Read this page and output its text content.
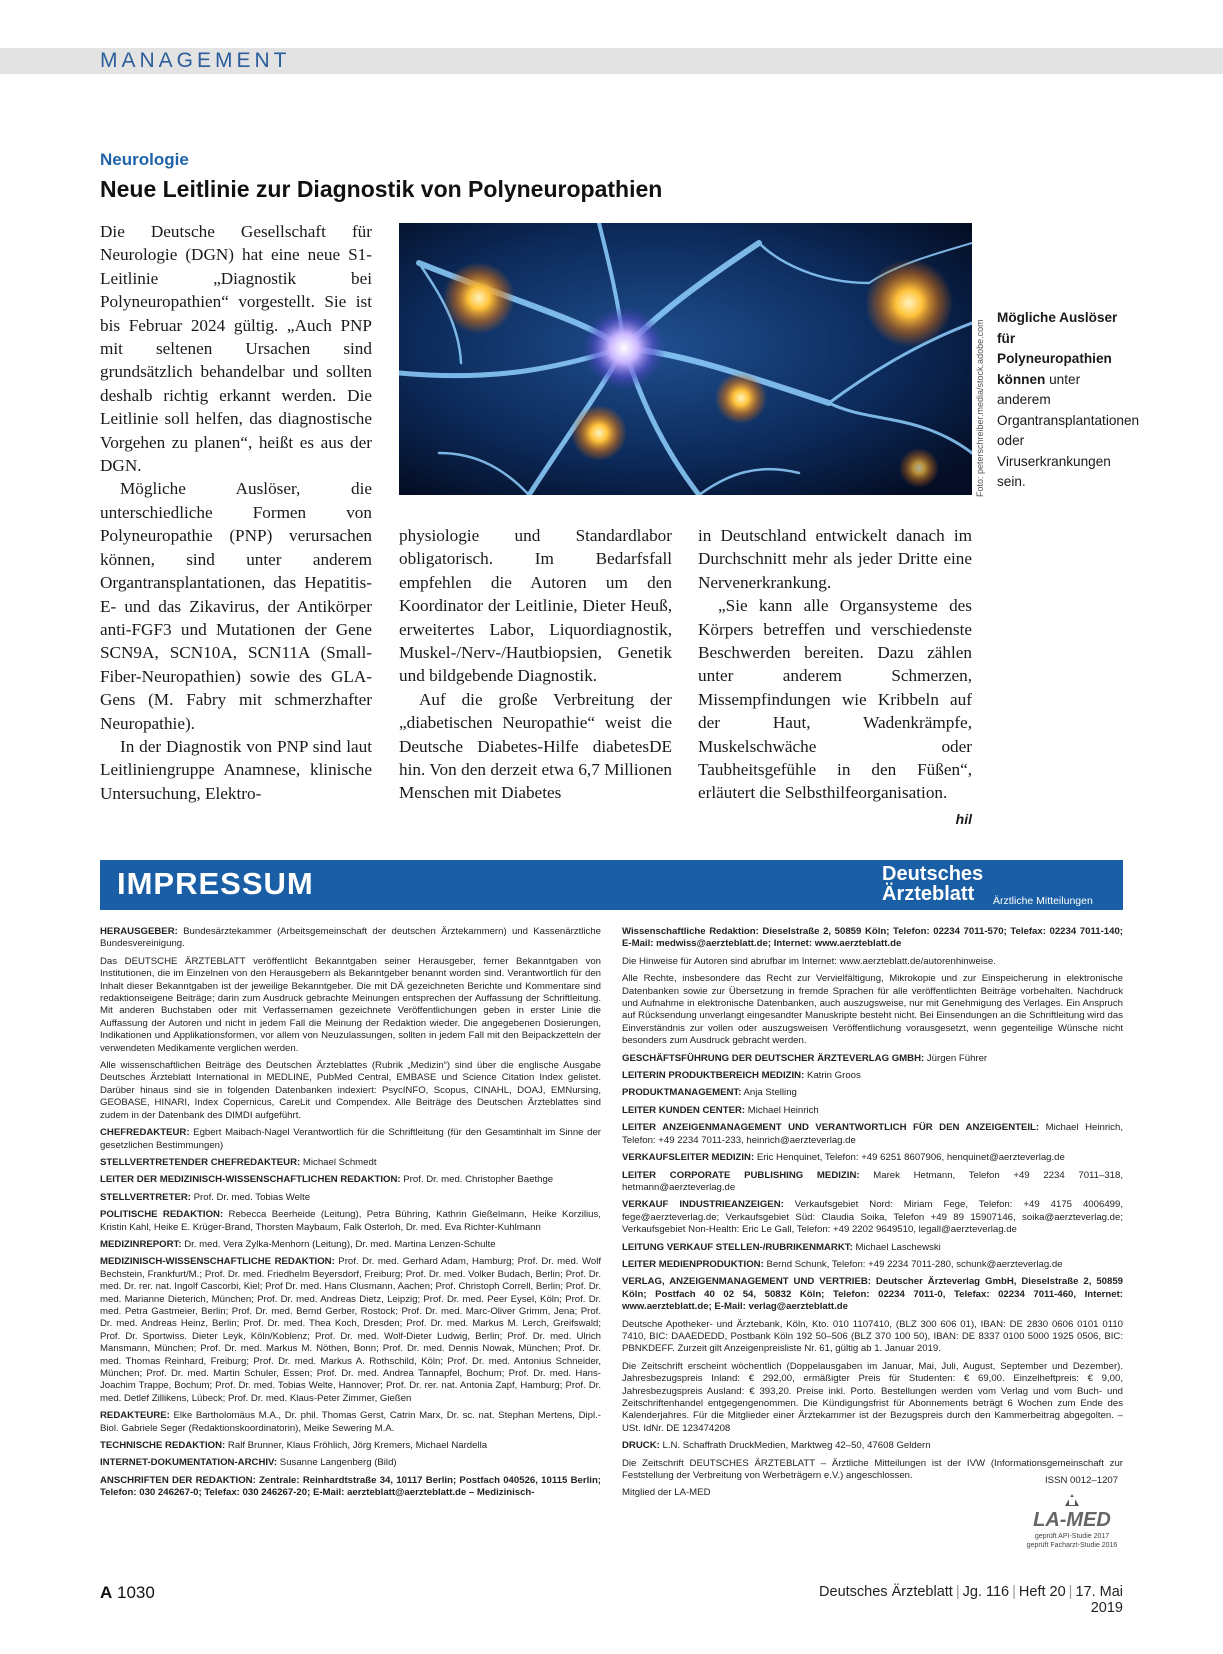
MANAGEMENT
Neurologie
Neue Leitlinie zur Diagnostik von Polyneuropathien

Die Deutsche Gesellschaft für Neurologie (DGN) hat eine neue S1-Leitlinie „Diagnostik bei Polyneuropathien“ vorgestellt. Sie ist bis Februar 2024 gültig. „Auch PNP mit seltenen Ursachen sind grundsätzlich behandelbar und sollten deshalb richtig erkannt werden. Die Leitlinie soll helfen, das diagnostische Vorgehen zu planen“, heißt es aus der DGN.

Mögliche Auslöser, die unterschiedliche Formen von Polyneuropathie (PNP) verursachen können, sind unter anderem Organtransplantationen, das Hepatitis-E- und das Zikavirus, der Antikörper anti-FGF3 und Mutationen der Gene SCN9A, SCN10A, SCN11A (Small-Fiber-Neuropathien) sowie des GLA-Gens (M. Fabry mit schmerzhafter Neuropathie).

In der Diagnostik von PNP sind laut Leitliniengruppe Anamnese, klinische Untersuchung, Elektro-

Foto: peterschreiber.media/stock.adobe.com
Mögliche Auslöser für Polyneuropathien können unter anderem Organtransplantationen oder Viruserkrankungen sein.

physiologie und Standardlabor obligatorisch. Im Bedarfsfall empfehlen die Autoren um den Koordinator der Leitlinie, Dieter Heuß, erweitertes Labor, Liquordiagnostik, Muskel-/Nerv-/Hautbiopsien, Genetik und bildgebende Diagnostik.

Auf die große Verbreitung der „diabetischen Neuropathie“ weist die Deutsche Diabetes-Hilfe diabetesDE hin. Von den derzeit etwa 6,7 Millionen Menschen mit Diabetes

in Deutschland entwickelt danach im Durchschnitt mehr als jeder Dritte eine Nervenerkrankung.

„Sie kann alle Organsysteme des Körpers betreffen und verschiedenste Beschwerden bereiten. Dazu zählen unter anderem Schmerzen, Missempfindungen wie Kribbeln auf der Haut, Wadenkrämpfe, Muskelschwäche oder Taubheitsgefühle in den Füßen“, erläutert die Selbsthilfeorganisation.
hil

IMPRESSUM	Deutsches
Ärzteblatt Ärztliche Mitteilungen

HERAUSGEBER: Bundesärztekammer (Arbeitsgemeinschaft der deutschen Ärztekammern) und Kassenärztliche Bundesvereinigung.

Das DEUTSCHE ÄRZTEBLATT veröffentlicht Bekanntgaben seiner Herausgeber, ferner Bekanntgaben von Institutionen, die im Einzelnen von den Herausgebern als Bekanntgeber benannt worden sind. Verantwortlich für den Inhalt dieser Bekanntgaben ist der jeweilige Bekanntgeber. Die mit DÄ gezeichneten Berichte und Kommentare sind redaktionseigene Beiträge; darin zum Ausdruck gebrachte Meinungen entsprechen der Auffassung der Schriftleitung. Mit anderen Buchstaben oder mit Verfassernamen gezeichnete Veröffentlichungen geben in erster Linie die Auffassung der Autoren und nicht in jedem Fall die Meinung der Redaktion wieder. Die angegebenen Dosierungen, Indikationen und Applikationsformen, vor allem von Neuzulassungen, sollten in jedem Fall mit den Beipackzetteln der verwendeten Medikamente verglichen werden.

Alle wissenschaftlichen Beiträge des Deutschen Ärzteblattes (Rubrik „Medizin“) sind über die englische Ausgabe Deutsches Ärzteblatt International in MEDLINE, PubMed Central, EMBASE und Science Citation Index gelistet. Darüber hinaus sind sie in folgenden Datenbanken indexiert: PsycINFO, Scopus, CINAHL, DOAJ, EMNursing, GEOBASE, HINARI, Index Copernicus, CareLit und Compendex. Alle Beiträge des Deutschen Ärzteblattes sind zudem in der Datenbank des DIMDI aufgeführt.

CHEFREDAKTEUR: Egbert Maibach-Nagel Verantwortlich für die Schriftleitung (für den Gesamtinhalt im Sinne der gesetzlichen Bestimmungen)

STELLVERTRETENDER CHEFREDAKTEUR: Michael Schmedt

LEITER DER MEDIZINISCH-WISSENSCHAFTLICHEN REDAKTION: Prof. Dr. med. Christopher Baethge

STELLVERTRETER: Prof. Dr. med. Tobias Welte

POLITISCHE REDAKTION: Rebecca Beerheide (Leitung), Petra Bühring, Kathrin Gießelmann, Heike Korzilius, Kristin Kahl, Heike E. Krüger-Brand, Thorsten Maybaum, Falk Osterloh, Dr. med. Eva Richter-Kuhlmann

MEDIZINREPORT: Dr. med. Vera Zylka-Menhorn (Leitung), Dr. med. Martina Lenzen-Schulte

MEDIZINISCH-WISSENSCHAFTLICHE REDAKTION: Prof. Dr. med. Gerhard Adam, Hamburg; Prof. Dr. med. Wolf Bechstein, Frankfurt/M.; Prof. Dr. med. Friedhelm Beyersdorf, Freiburg; Prof. Dr. med. Volker Budach, Berlin; Prof. Dr. med. Dr. rer. nat. Ingolf Cascorbi, Kiel; Prof Dr. med. Hans Clusmann, Aachen; Prof. Christoph Correll, Berlin; Prof. Dr. med. Marianne Dieterich, München; Prof. Dr. med. Andreas Dietz, Leipzig; Prof. Dr. med. Peer Eysel, Köln; Prof. Dr. med. Petra Gastmeier, Berlin; Prof. Dr. med. Bernd Gerber, Rostock; Prof. Dr. med. Marc-Oliver Grimm, Jena; Prof. Dr. med. Andreas Heinz, Berlin; Prof. Dr. med. Thea Koch, Dresden; Prof. Dr. med. Markus M. Lerch, Greifswald; Prof. Dr. Sportwiss. Dieter Leyk, Köln/Koblenz; Prof. Dr. med. Wolf-Dieter Ludwig, Berlin; Prof. Dr. med. Ulrich Mansmann, München; Prof. Dr. med. Markus M. Nöthen, Bonn; Prof. Dr. med. Dennis Nowak, München; Prof. Dr. med. Thomas Reinhard, Freiburg; Prof. Dr. med. Markus A. Rothschild, Köln; Prof. Dr. med. Antonius Schneider, München; Prof. Dr. med. Martin Schuler, Essen; Prof. Dr. med. Andrea Tannapfel, Bochum; Prof. Dr. med. Hans-Joachim Trappe, Bochum; Prof. Dr. med. Tobias Welte, Hannover; Prof. Dr. rer. nat. Antonia Zapf, Hamburg; Prof. Dr. med. Detlef Zillikens, Lübeck; Prof. Dr. med. Klaus-Peter Zimmer, Gießen

REDAKTEURE: Elke Bartholomäus M.A., Dr. phil. Thomas Gerst, Catrin Marx, Dr. sc. nat. Stephan Mertens, Dipl.-Biol. Gabriele Seger (Redaktionskoordinatorin), Meike Sewering M.A.

TECHNISCHE REDAKTION: Ralf Brunner, Klaus Fröhlich, Jörg Kremers, Michael Nardella

INTERNET-DOKUMENTATION-ARCHIV: Susanne Langenberg (Bild)

ANSCHRIFTEN DER REDAKTION: Zentrale: Reinhardtstraße 34, 10117 Berlin; Postfach 040526, 10115 Berlin; Telefon: 030 246267-0; Telefax: 030 246267-20; E-Mail: aerzteblatt@aerzteblatt.de – Medizinisch-

Wissenschaftliche Redaktion: Dieselstraße 2, 50859 Köln; Telefon: 02234 7011-570; Telefax: 02234 7011-140; E-Mail: medwiss@aerzteblatt.de; Internet: www.aerzteblatt.de

Die Hinweise für Autoren sind abrufbar im Internet: www.aerzteblatt.de/autorenhinweise.

Alle Rechte, insbesondere das Recht zur Vervielfältigung, Mikrokopie und zur Einspeicherung in elektronische Datenbanken sowie zur Übersetzung in fremde Sprachen für alle veröffentlichten Beiträge vorbehalten. Nachdruck und Aufnahme in elektronische Datenbanken, auch auszugsweise, nur mit Genehmigung des Verlages. Ein Anspruch auf Rücksendung unverlangt eingesandter Manuskripte besteht nicht. Bei Einsendungen an die Schriftleitung wird das Einverständnis zur vollen oder auszugsweisen Veröffentlichung vorausgesetzt, wenn gegenteilige Wünsche nicht besonders zum Ausdruck gebracht werden.

GESCHÄFTSFÜHRUNG DER DEUTSCHER ÄRZTEVERLAG GMBH: Jürgen Führer

LEITERIN PRODUKTBEREICH MEDIZIN: Katrin Groos

PRODUKTMANAGEMENT: Anja Stelling

LEITER KUNDEN CENTER: Michael Heinrich

LEITER ANZEIGENMANAGEMENT UND VERANTWORTLICH FÜR DEN ANZEIGENTEIL: Michael Heinrich, Telefon: +49 2234 7011-233, heinrich@aerzteverlag.de

VERKAUFSLEITER MEDIZIN: Eric Henquinet, Telefon: +49 6251 8607906, henquinet@aerzteverlag.de

LEITER CORPORATE PUBLISHING MEDIZIN: Marek Hetmann, Telefon +49 2234 7011–318, hetmann@aerzteverlag.de

VERKAUF INDUSTRIEANZEIGEN: Verkaufsgebiet Nord: Miriam Fege, Telefon: +49 4175 4006499, fege@aerzteverlag.de; Verkaufsgebiet Süd: Claudia Soika, Telefon +49 89 15907146, soika@aerzteverlag.de; Verkaufsgebiet Non-Health: Eric Le Gall, Telefon: +49 2202 9649510, legall@aerzteverlag.de

LEITUNG VERKAUF STELLEN-/RUBRIKENMARKT: Michael Laschewski

LEITER MEDIENPRODUKTION: Bernd Schunk, Telefon: +49 2234 7011-280, schunk@aerzteverlag.de

VERLAG, ANZEIGENMANAGEMENT UND VERTRIEB: Deutscher Ärzteverlag GmbH, Dieselstraße 2, 50859 Köln; Postfach 40 02 54, 50832 Köln; Telefon: 02234 7011-0, Telefax: 02234 7011-460, Internet: www.aerzteblatt.de; E-Mail: verlag@aerzteblatt.de

Deutsche Apotheker- und Ärztebank, Köln, Kto. 010 1107410, (BLZ 300 606 01), IBAN: DE 2830 0606 0101 0110 7410, BIC: DAAEDEDD, Postbank Köln 192 50–506 (BLZ 370 100 50), IBAN: DE 8337 0100 5000 1925 0506, BIC: PBNKDEFF. Zurzeit gilt Anzeigenpreisliste Nr. 61, gültig ab 1. Januar 2019.

Die Zeitschrift erscheint wöchentlich (Doppelausgaben im Januar, Mai, Juli, August, September und Dezember). Jahresbezugspreis Inland: € 292,00, ermäßigter Preis für Studenten: € 69,00. Einzelheftpreis: € 9,00, Jahresbezugspreis Ausland: € 393,20. Preise inkl. Porto. Bestellungen werden vom Verlag und vom Buch- und Zeitschriftenhandel entgegengenommen. Die Kündigungsfrist für Abonnements beträgt 6 Wochen zum Ende des Kalenderjahres. Für die Mitglieder einer Ärztekammer ist der Bezugspreis durch den Kammerbeitrag abgegolten. – USt. IdNr. DE 123474208

DRUCK: L.N. Schaffrath DruckMedien, Marktweg 42–50, 47608 Geldern

Die Zeitschrift DEUTSCHES ÄRZTEBLATT – Ärztliche Mitteilungen ist der IVW (Informationsgemeinschaft zur Feststellung der Verbreitung von Werbeträgern e.V.) angeschlossen.

Mitglied der LA-MED

ISSN 0012–1207
LA-MED
geprüft API-Studie 2017
geprüft Facharzt-Studie 2016
A 1030	Deutsches Ärzteblatt | Jg. 116 | Heft 20 | 17. Mai 2019
